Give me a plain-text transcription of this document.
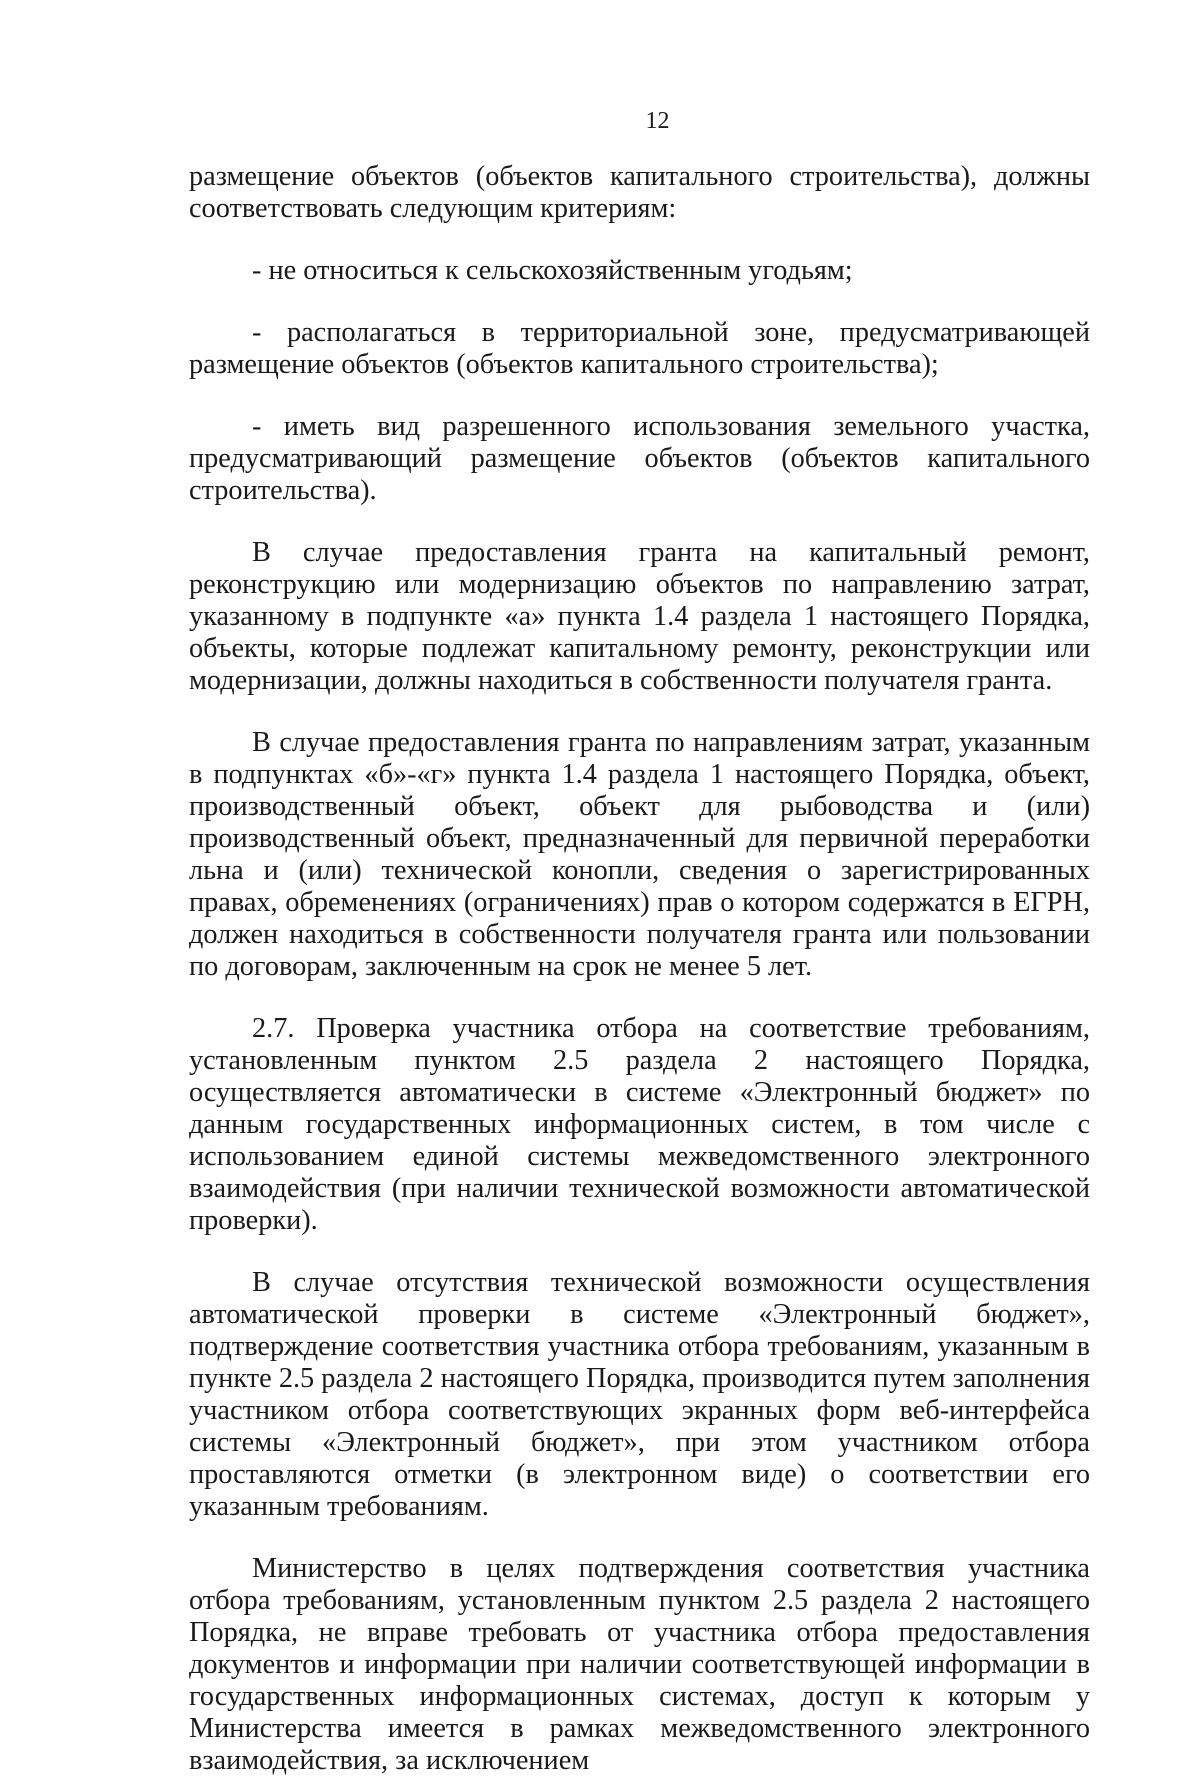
12

размещение объектов (объектов капитального строительства), должны соответствовать следующим критериям:

- не относиться к сельскохозяйственным угодьям;

- располагаться в территориальной зоне, предусматривающей размещение объектов (объектов капитального строительства);

- иметь вид разрешенного использования земельного участка, предусматривающий размещение объектов (объектов капитального строительства).

В случае предоставления гранта на капитальный ремонт, реконструкцию или модернизацию объектов по направлению затрат, указанному в подпункте «а» пункта 1.4 раздела 1 настоящего Порядка, объекты, которые подлежат капитальному ремонту, реконструкции или модернизации, должны находиться в собственности получателя гранта.

В случае предоставления гранта по направлениям затрат, указанным в подпунктах «б»-«г» пункта 1.4 раздела 1 настоящего Порядка, объект, производственный объект, объект для рыбоводства и (или) производственный объект, предназначенный для первичной переработки льна и (или) технической конопли, сведения о зарегистрированных правах, обременениях (ограничениях) прав о котором содержатся в ЕГРН, должен находиться в собственности получателя гранта или пользовании по договорам, заключенным на срок не менее 5 лет.

2.7. Проверка участника отбора на соответствие требованиям, установленным пунктом 2.5 раздела 2 настоящего Порядка, осуществляется автоматически в системе «Электронный бюджет» по данным государственных информационных систем, в том числе с использованием единой системы межведомственного электронного взаимодействия (при наличии технической возможности автоматической проверки).

В случае отсутствия технической возможности осуществления автоматической проверки в системе «Электронный бюджет», подтверждение соответствия участника отбора требованиям, указанным в пункте 2.5 раздела 2 настоящего Порядка, производится путем заполнения участником отбора соответствующих экранных форм веб-интерфейса системы «Электронный бюджет», при этом участником отбора проставляются отметки (в электронном виде) о соответствии его указанным требованиям.

Министерство в целях подтверждения соответствия участника отбора требованиям, установленным пунктом 2.5 раздела 2 настоящего Порядка, не вправе требовать от участника отбора предоставления документов и информации при наличии соответствующей информации в государственных информационных системах, доступ к которым у Министерства имеется в рамках межведомственного электронного взаимодействия, за исключением
